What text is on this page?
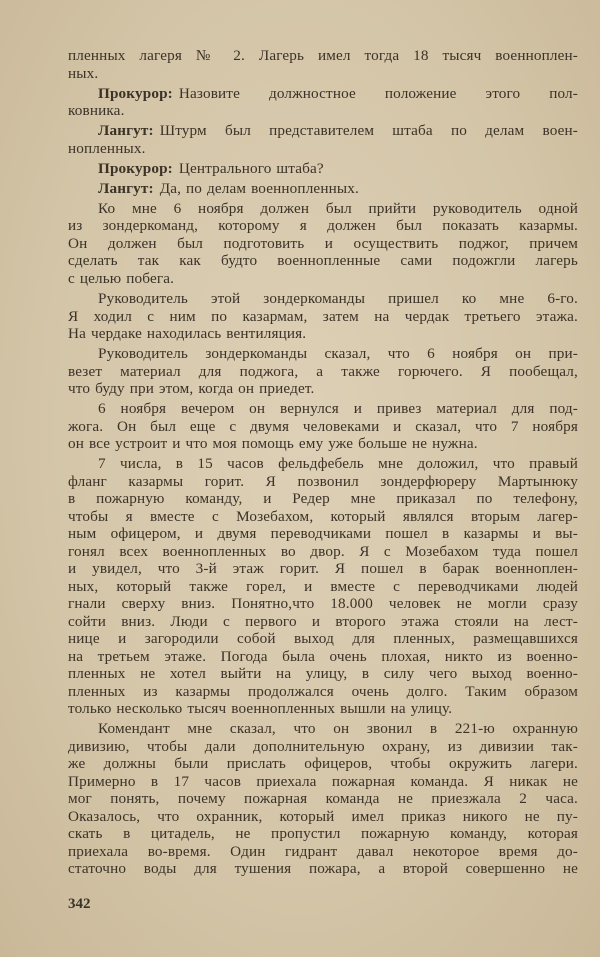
пленных лагеря № 2. Лагерь имел тогда 18 тысяч военноплен-
ных.
Прокурор: Назовите должностное положение этого пол-
ковника.
Лангут: Штурм был представителем штаба по делам воен-
нопленных.
Прокурор: Центрального штаба?
Лангут: Да, по делам военнопленных.
Ко мне 6 ноября должен был прийти руководитель одной
из зондеркоманд, которому я должен был показать казармы.
Он должен был подготовить и осуществить поджог, причем
сделать так как будто военнопленные сами подожгли лагерь
с целью побега.
Руководитель этой зондеркоманды пришел ко мне 6-го.
Я ходил с ним по казармам, затем на чердак третьего этажа.
На чердаке находилась вентиляция.
Руководитель зондеркоманды сказал, что 6 ноября он при-
везет материал для поджога, а также горючего. Я пообещал,
что буду при этом, когда он приедет.
6 ноября вечером он вернулся и привез материал для под-
жога. Он был еще с двумя человеками и сказал, что 7 ноября
он все устроит и что моя помощь ему уже больше не нужна.
7 числа, в 15 часов фельдфебель мне доложил, что правый
фланг казармы горит. Я позвонил зондерфюреру Мартынюку
в пожарную команду, и Редер мне приказал по телефону,
чтобы я вместе с Мозебахом, который являлся вторым лагер-
ным офицером, и двумя переводчиками пошел в казармы и вы-
гонял всех военнопленных во двор. Я с Мозебахом туда пошел
и увидел, что 3-й этаж горит. Я пошел в барак военноплен-
ных, который также горел, и вместе с переводчиками людей
гнали сверху вниз. Понятно,что 18.000 человек не могли сразу
сойти вниз. Люди с первого и второго этажа стояли на лест-
нице и загородили собой выход для пленных, размещавшихся
на третьем этаже. Погода была очень плохая, никто из военно-
пленных не хотел выйти на улицу, в силу чего выход военно-
пленных из казармы продолжался очень долго. Таким образом
только несколько тысяч военнопленных вышли на улицу.
Комендант мне сказал, что он звонил в 221-ю охранную
дивизию, чтобы дали дополнительную охрану, из дивизии так-
же должны были прислать офицеров, чтобы окружить лагери.
Примерно в 17 часов приехала пожарная команда. Я никак не
мог понять, почему пожарная команда не приезжала 2 часа.
Оказалось, что охранник, который имел приказ никого не пу-
скать в цитадель, не пропустил пожарную команду, которая
приехала во-время. Один гидрант давал некоторое время до-
статочно воды для тушения пожара, а второй совершенно не
342
